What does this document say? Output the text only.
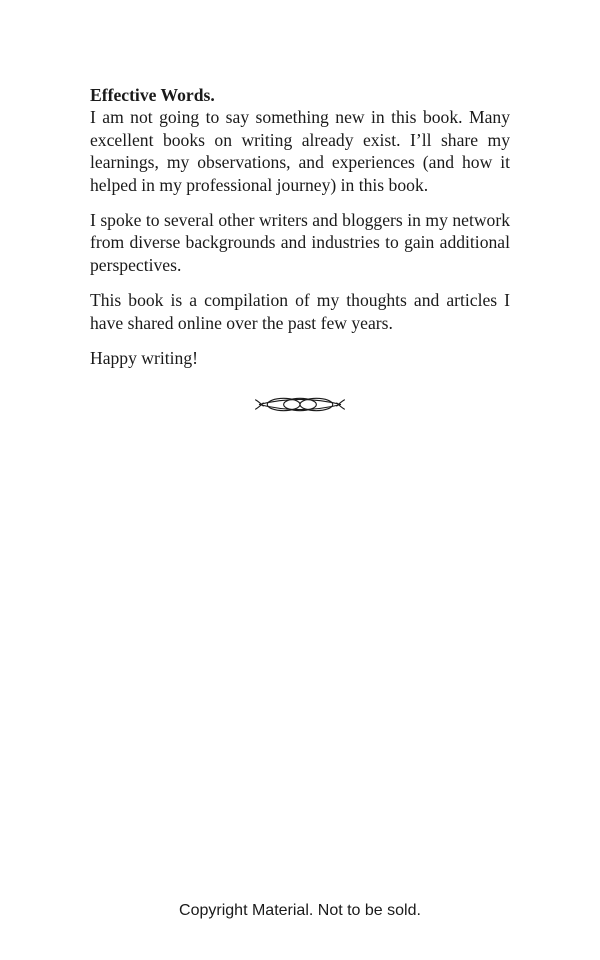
Effective Words.

I am not going to say something new in this book. Many excellent books on writing already exist. I’ll share my learnings, my observations, and experiences (and how it helped in my professional journey) in this book.

I spoke to several other writers and bloggers in my network from diverse backgrounds and industries to gain additional perspectives.

This book is a compilation of my thoughts and articles I have shared online over the past few years.

Happy writing!

Copyright Material. Not to be sold.
